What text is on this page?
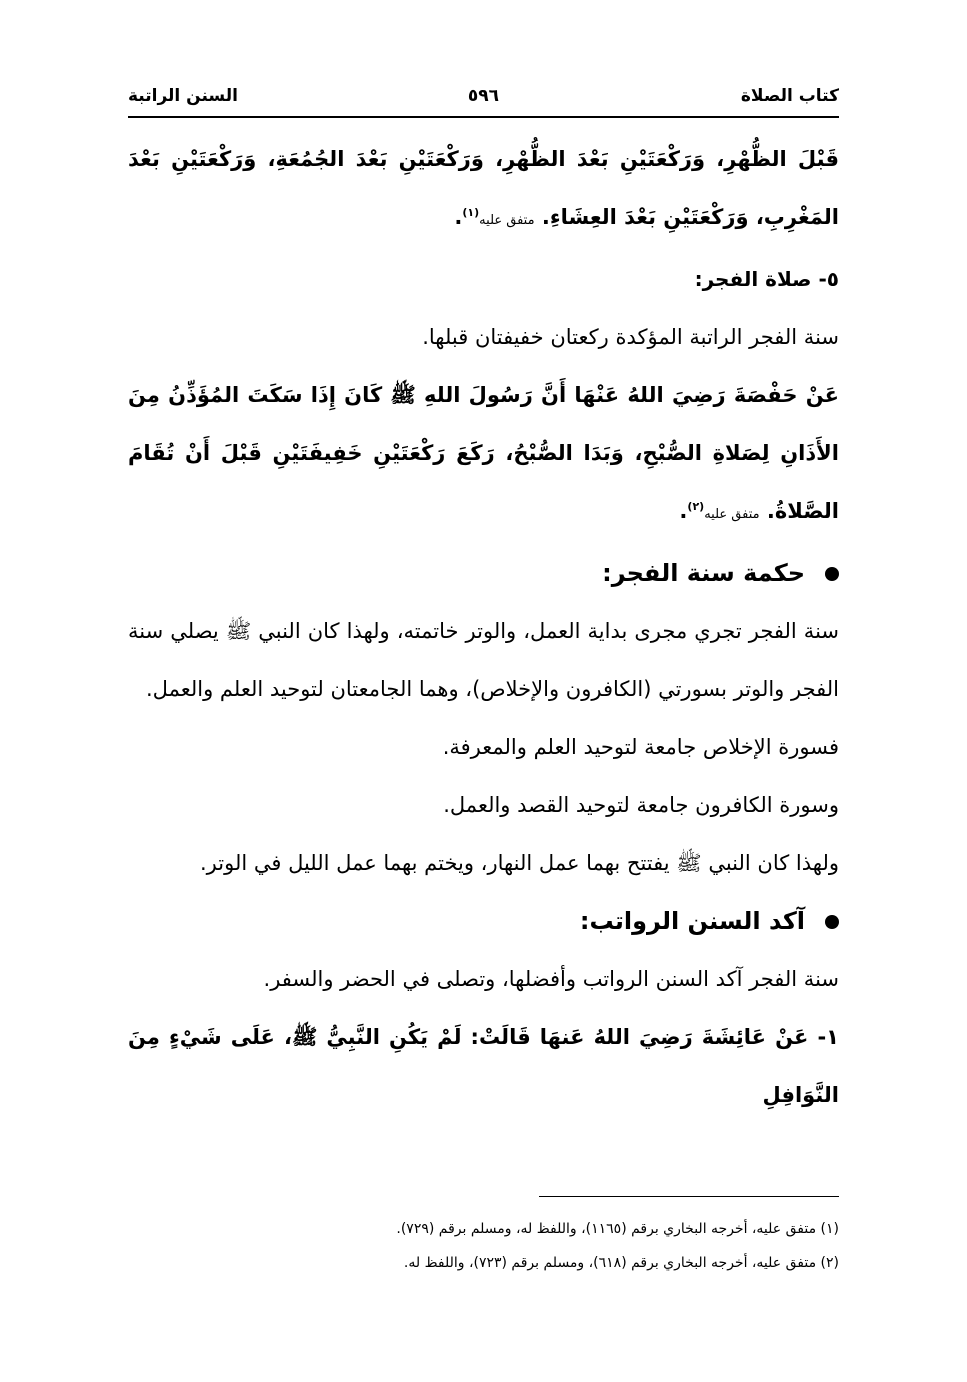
كتاب الصلاة
٥٩٦
السنن الراتبة

قَبْلَ الظُّهْرِ، وَرَكْعَتَيْنِ بَعْدَ الظُّهْرِ، وَرَكْعَتَيْنِ بَعْدَ الجُمُعَةِ، وَرَكْعَتَيْنِ بَعْدَ المَغْرِبِ، وَرَكْعَتَيْنِ بَعْدَ العِشَاءِ. متفق عليه$^{(١)}$.

٥- صلاة الفجر:

سنة الفجر الراتبة المؤكدة ركعتان خفيفتان قبلها.

عَنْ حَفْصَةَ رَضِيَ اللهُ عَنْهَا أَنَّ رَسُولَ اللهِ ﷺ كَانَ إِذَا سَكَتَ المُؤَذِّنُ مِنَ الأَذَانِ لِصَلاةِ الصُّبْحِ، وَبَدَا الصُّبْحُ، رَكَعَ رَكْعَتَيْنِ خَفِيفَتَيْنِ قَبْلَ أَنْ تُقَامَ الصَّلاةُ. متفق عليه$^{(٢)}$.

حكمة سنة الفجر:

سنة الفجر تجري مجرى بداية العمل، والوتر خاتمته، ولهذا كان النبي ﷺ يصلي سنة الفجر والوتر بسورتي (الكافرون والإخلاص)، وهما الجامعتان لتوحيد العلم والعمل.

فسورة الإخلاص جامعة لتوحيد العلم والمعرفة.

وسورة الكافرون جامعة لتوحيد القصد والعمل.

ولهذا كان النبي ﷺ يفتتح بهما عمل النهار، ويختم بهما عمل الليل في الوتر.

آكد السنن الرواتب:

سنة الفجر آكد السنن الرواتب وأفضلها، وتصلى في الحضر والسفر.

١- عَنْ عَائِشَةَ رَضِيَ اللهُ عَنهَا قَالَتْ: لَمْ يَكُنِ النَّبِيُّ ﷺ، عَلَى شَيْءٍ مِنَ النَّوَافِلِ

(١) متفق عليه، أخرجه البخاري برقم (١١٦٥)، واللفظ له، ومسلم برقم (٧٢٩).

(٢) متفق عليه، أخرجه البخاري برقم (٦١٨)، ومسلم برقم (٧٢٣)، واللفظ له.
